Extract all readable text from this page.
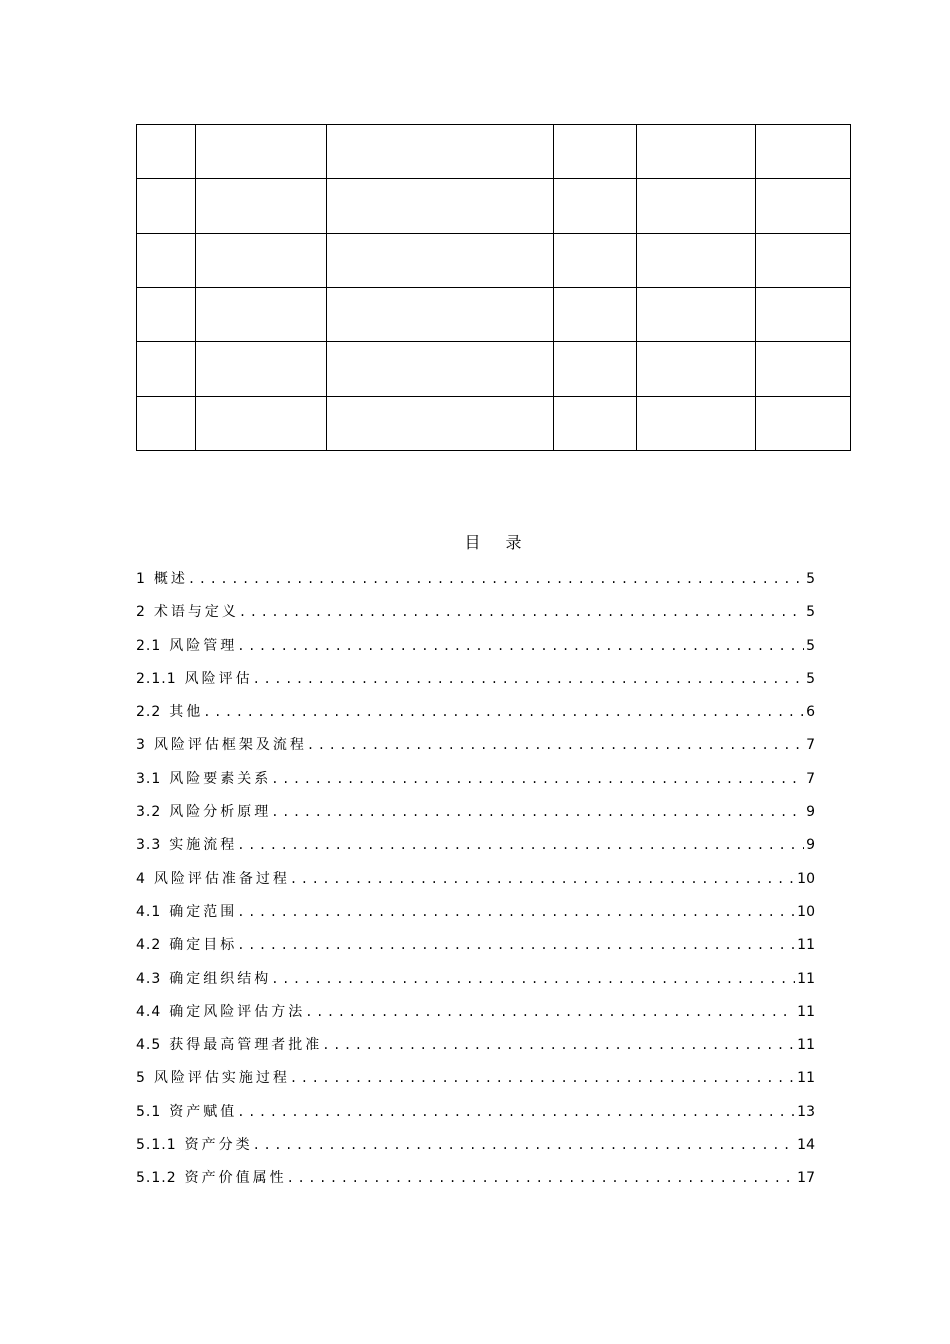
目 录
1 概述 .....	5
2 术语与定义 .....	5
2.1 风险管理 .....	5
2.1.1 风险评估 .....	5
2.2 其他 .....	6
3 风险评估框架及流程 .....	7
3.1 风险要素关系 .....	7
3.2 风险分析原理 .....	9
3.3 实施流程 .....	9
4 风险评估准备过程 .....	10
4.1 确定范围 .....	10
4.2 确定目标 .....	11
4.3 确定组织结构 .....	11
4.4 确定风险评估方法 .....	11
4.5 获得最高管理者批准 .....	11
5 风险评估实施过程 .....	11
5.1 资产赋值 .....	13
5.1.1 资产分类 .....	14
5.1.2 资产价值属性 .....	17
